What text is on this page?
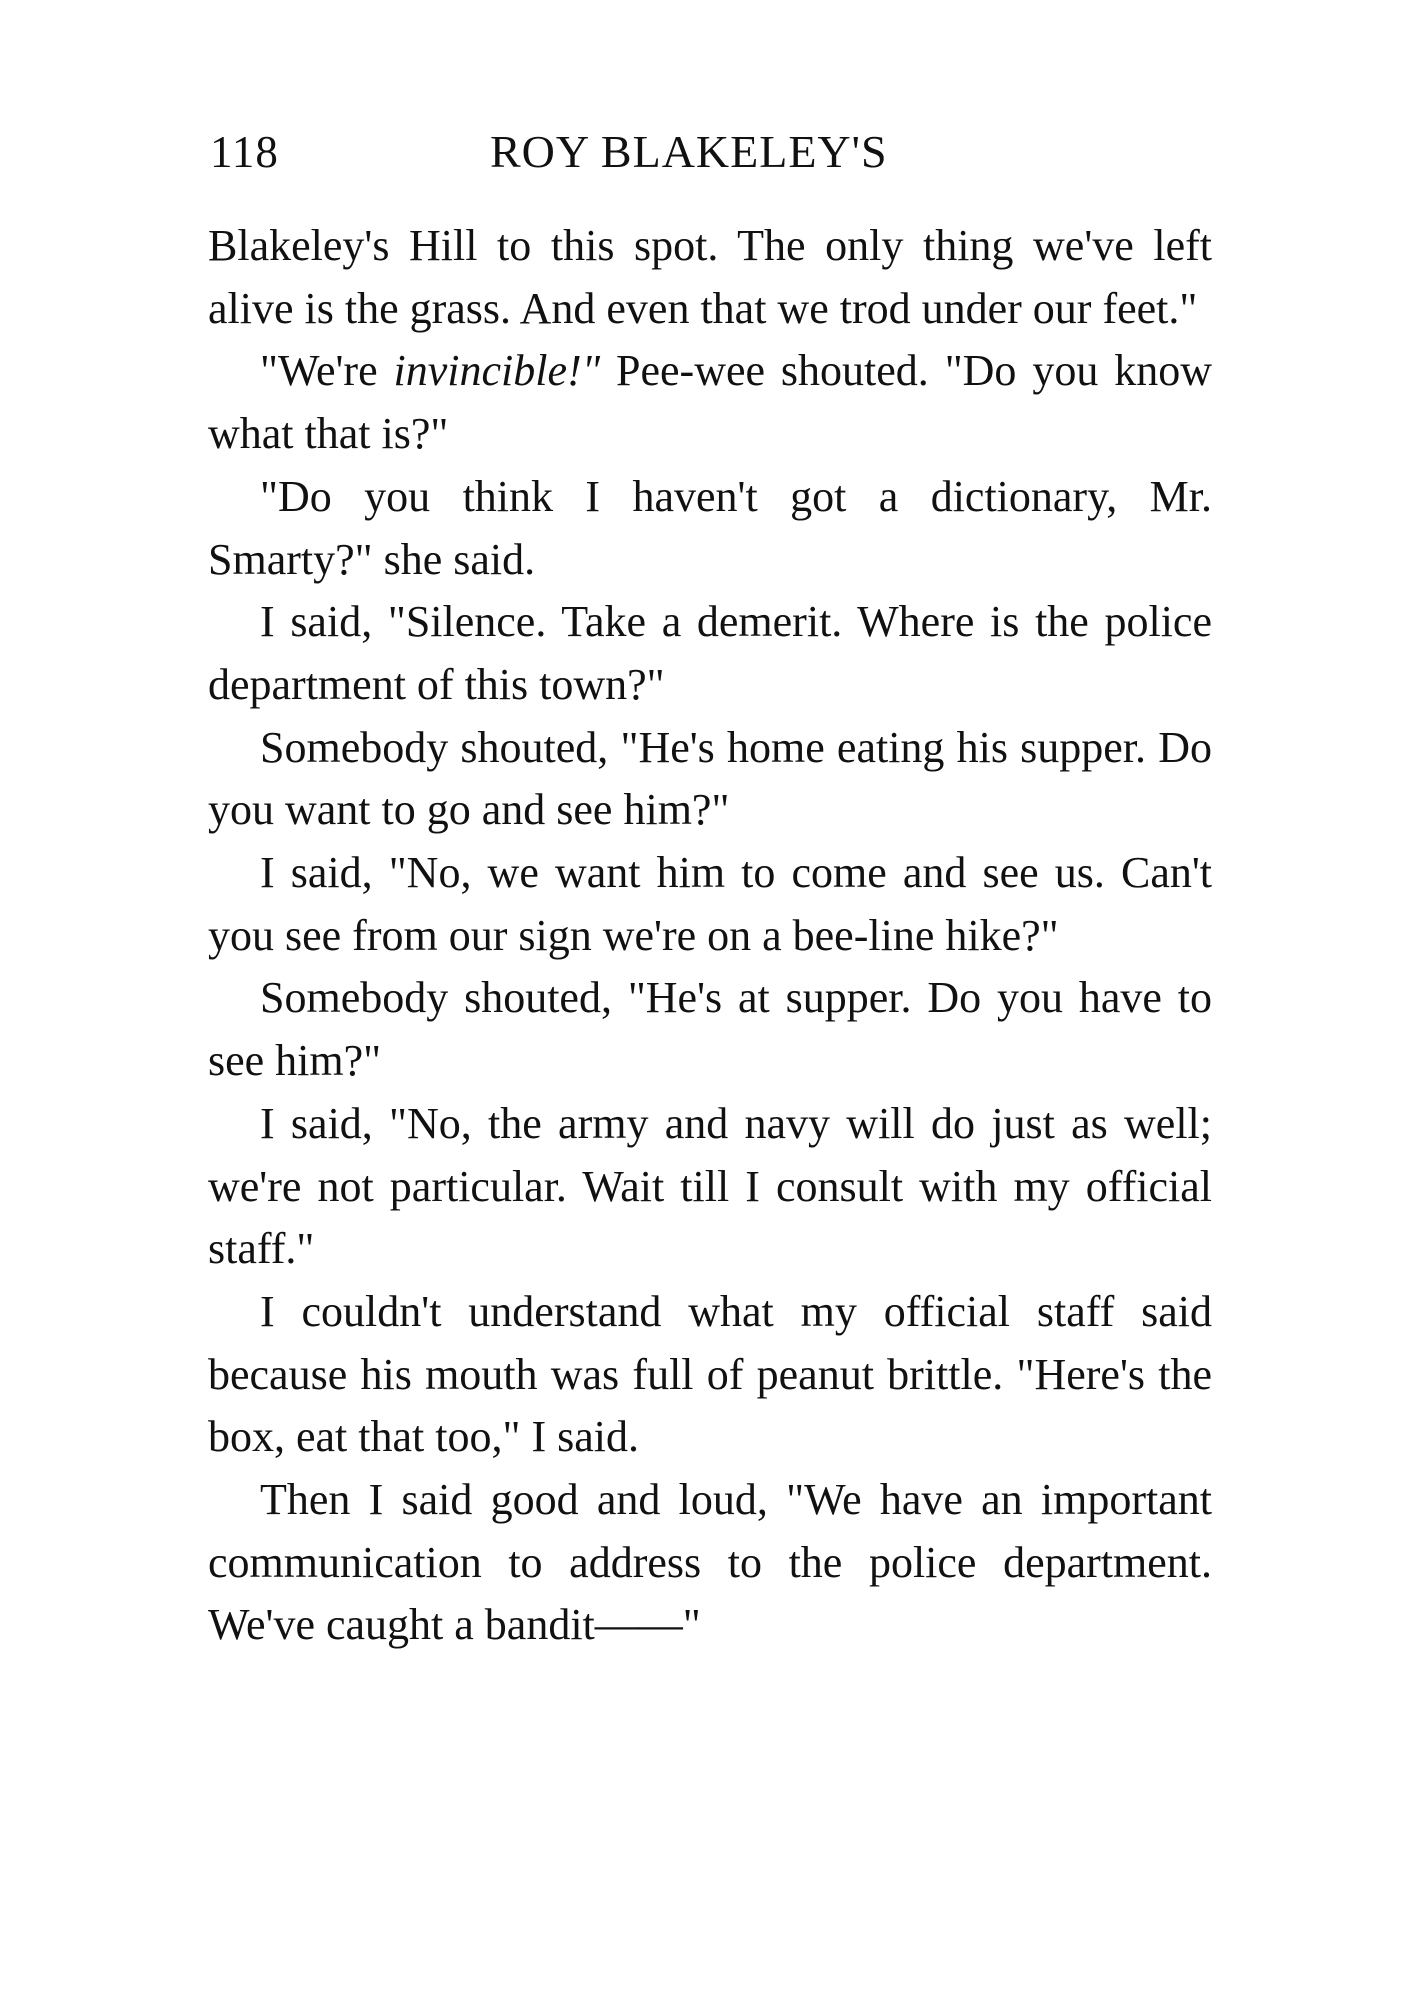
118	ROY BLAKELEY'S

Blakeley's Hill to this spot. The only thing we've left alive is the grass. And even that we trod under our feet."

"We're invincible!" Pee-wee shouted. "Do you know what that is?"

"Do you think I haven't got a dictionary, Mr. Smarty?" she said.

I said, "Silence. Take a demerit. Where is the police department of this town?"

Somebody shouted, "He's home eating his supper. Do you want to go and see him?"

I said, "No, we want him to come and see us. Can't you see from our sign we're on a bee-line hike?"

Somebody shouted, "He's at supper. Do you have to see him?"

I said, "No, the army and navy will do just as well; we're not particular. Wait till I consult with my official staff."

I couldn't understand what my official staff said because his mouth was full of peanut brittle. "Here's the box, eat that too," I said.

Then I said good and loud, "We have an important communication to address to the police department. We've caught a bandit——"
